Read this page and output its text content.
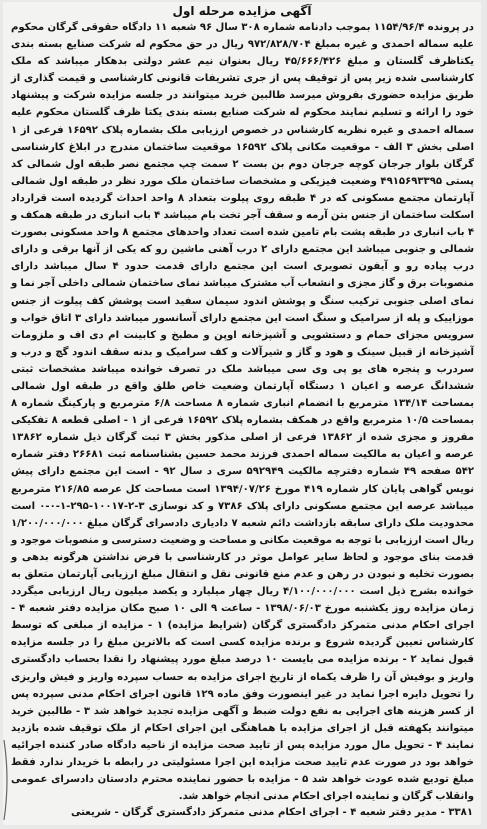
آگهی مزایده مرحله اول

در پرونده ۱۱۵۴/۹۶/۴ بموجب دادنامه شماره ۳۰۸ سال ۹۶ شعبه ۱۱ دادگاه حقوقی گرگان محکوم علیه سماله احمدی و غیره بمبلغ ۹۷۲/۸۲۸/۷۰۴ ریال در حق محکوم له شرکت صنایع بسته بندی یکتاظرف گلستان و مبلغ ۴۵/۶۶۶/۴۲۶ ریال بعنوان نیم عشر دولتی بدهکار میباشد که ملک کارشناسی شده زیر پس از توقیف پس از جری تشریفات قانونی کارشناسی و قیمت گذاری از طریق مزایده حضوری بفروش میرسد طالبین خرید میتوانند در جلسه مزایده شرکت و پیشنهاد خود را ارائه و تسلیم نمایند محکوم له شرکت صنایع بسته بندی یکتا ظرف گلستان محکوم علیه سماله احمدی و غیره نظریه کارشناس در خصوص ارزیابی ملک بشماره پلاک ۱۶۵۹۲ فرعی از ۱ اصلی بخش ۳ الف - موقعیت مکانی پلاک ۱۶۵۹۲ موقعیت ساختمان مندرج در ابلاغ کارشناسی گرگان بلوار جرجان کوچه جرجان دوم بن بست ۲ سمت چپ مجتمع نصر طبقه اول شمالی کد پستی ۴۹۱۵۶۹۳۳۹۵ وضعیت فیزیکی و مشخصات ساختمان ملک مورد نظر در طبقه اول شمالی آپارتمان مجتمع مسکونی که در ۴ طبقه روی پیلوت بتعداد ۸ واحد احداث گردیده است قرارداد اسکلت ساختمان از جنس بتن آرمه و سقف آجر تخت بام میباشد ۴ باب انباری در طبقه همکف و ۴ باب انباری در طبقه پشت بام تامین شده است تعداد واحدهای مجتمع ۸ واحد مسکونی بصورت شمالی و جنوبی میباشد این مجتمع دارای ۲ درب آهنی ماشین رو که یکی از آنها برقی و دارای درب پیاده رو و آیفون تصویری است این مجتمع دارای قدمت حدود ۴ سال میباشد دارای منصوبات برق و گاز مجزی و انشعاب آب مشترک میباشد نمای ساختمان شمالی داخلی آجر نما و نمای اصلی جنوبی ترکیب سنگ و پوشش اندود سیمان سفید است پوشش کف پیلوت از جنس موزاییک و پله از سرامیک و سنگ است این مجتمع دارای آسانسور میباشد دارای ۳ اتاق خواب و سرویس مجزای حمام و دستشویی و آشپزخانه اوپن و مطبخ و کابینت ام دی اف و ملزومات آشپزخانه از قبیل سینک و هود و گاز و شیرآلات و کف سرامیک و بدنه سقف اندود گچ و درب و سردرب و پنجره های یو پی وی سی میباشد ملک در تصرف خوانده میباشد مشخصات ثبتی ششدانگ عرصه و اعیان ۱ دستگاه آپارتمان وضعیت خاص طلق واقع در طبقه اول شمالی بمساحت ۱۳۴/۱۴ مترمربع با انضمام انباری شماره ۸ مساحت ۶/۸ مترمربع و پارکینگ شماره ۸ بمساحت ۱۰/۵ مترمربع واقع در همکف بشماره پلاک ۱۶۵۹۲ فرعی از ۱ - اصلی قطعه ۸ تفکیکی مفروز و مجزی شده از ۱۳۸۶۲ فرعی از اصلی مذکور بخش ۳ ثبت گرگان ذیل شماره ۱۳۸۶۲ عرصه و اعیان به مالکیت سماله احمدی فرزند محمد حسین بشناسنامه ثبت ۲۶۶۸۱ دفتر شماره ۵۴۲ صفحه ۴۹ شماره دفترچه مالکیت ۵۹۲۹۴۹ سری د سال ۹۲ - است این مجتمع دارای پیش نویس گواهی پایان کار شماره ۴۱۹ مورخ ۱۳۹۴/۰۷/۲۶ است مساحت کل عرصه ۲۱۶/۸۵ مترمربع میباشد عرصه این مجتمع مسکونی دارای پلاک ۷۳۸۶ و کد نوسازی ۳-۲-۱۰۰۱۷-۲۹۵-۱-۰-۰ است محدودیت ملک دارای سابقه بازداشت دائم شعبه ۷ دادیاری دادسرای گرگان مبلغ ۱/۲۰۰/۰۰۰/۰۰۰ ریال است ارزیابی با توجه به موقعیت مکانی و مساحت و وضعیت دسترسی و منصوبات موجود و قدمت بنای موجود و لحاظ سایر عوامل موثر در کارشناسی با فرض نداشتن هرگونه بدهی و بصورت تخلیه و نبودن در رهن و عدم منع قانونی نقل و انتقال مبلغ ارزیابی آپارتمان متعلق به خوانده بشرح ذیل است ۴/۱۰۰/۰۰۰/۰۰۰ ریال چهار میلیارد و یکصد میلیون ریال ارزیابی میگردد زمان مزایده روز یکشنبه مورخ ۱۳۹۸/۰۶/۰۳ - ساعت ۹ الی ۱۰ صبح مکان مزایده دفتر شعبه ۴ - اجرای احکام مدنی متمرکز دادگستری گرگان (شرایط مزایده) ۱ - مزایده از مبلغی که توسط کارشناس تعیین گردیده شروع و برنده مزایده کسی است که بالاترین مبلغ را در جلسه مزایده قبول نماید ۲ - برنده مزایده می بایست ۱۰ درصد مبلغ مورد پیشنهاد را نقدا بحساب دادگستری واریز و بوفیش آن را ظرف یکماه از تاریخ اجرای مزایده به حساب سپرده واریز و فیش واریزی را تحویل دایره اجرا نماید در غیر اینصورت وفق ماده ۱۲۹ قانون اجرای احکام مدنی سپرده پس از کسر هزینه های اجرایی به نفع دولت ضبط و آگهی مزایده تجدید خواهد شد ۳ - طالبین خرید میتوانند یکهفته قبل از اجرای مزایده با هماهنگی این اجرای احکام از ملک توقیف شده بازدید نمایند ۴ - تحویل مال مورد مزایده پس از تایید صحت مزایده از ناحیه دادگاه صادر کننده اجرائیه خواهد بود در صورت عدم تایید صحت مزایده این اجرا مسئولیتی در رابطه با خریدار ندارد فقط مبلغ تودیع شده عودت خواهد شد ۵ - مزایده با حضور نماینده محترم دادستان دادسرای عمومی وانقلاب گرگان و نماینده اجرای احکام مدنی انجام خواهد شد.

۳۳۸۱ - مدیر دفتر شعبه ۴ - اجرای احکام مدنی متمرکز دادگستری گرگان - شریعتی
